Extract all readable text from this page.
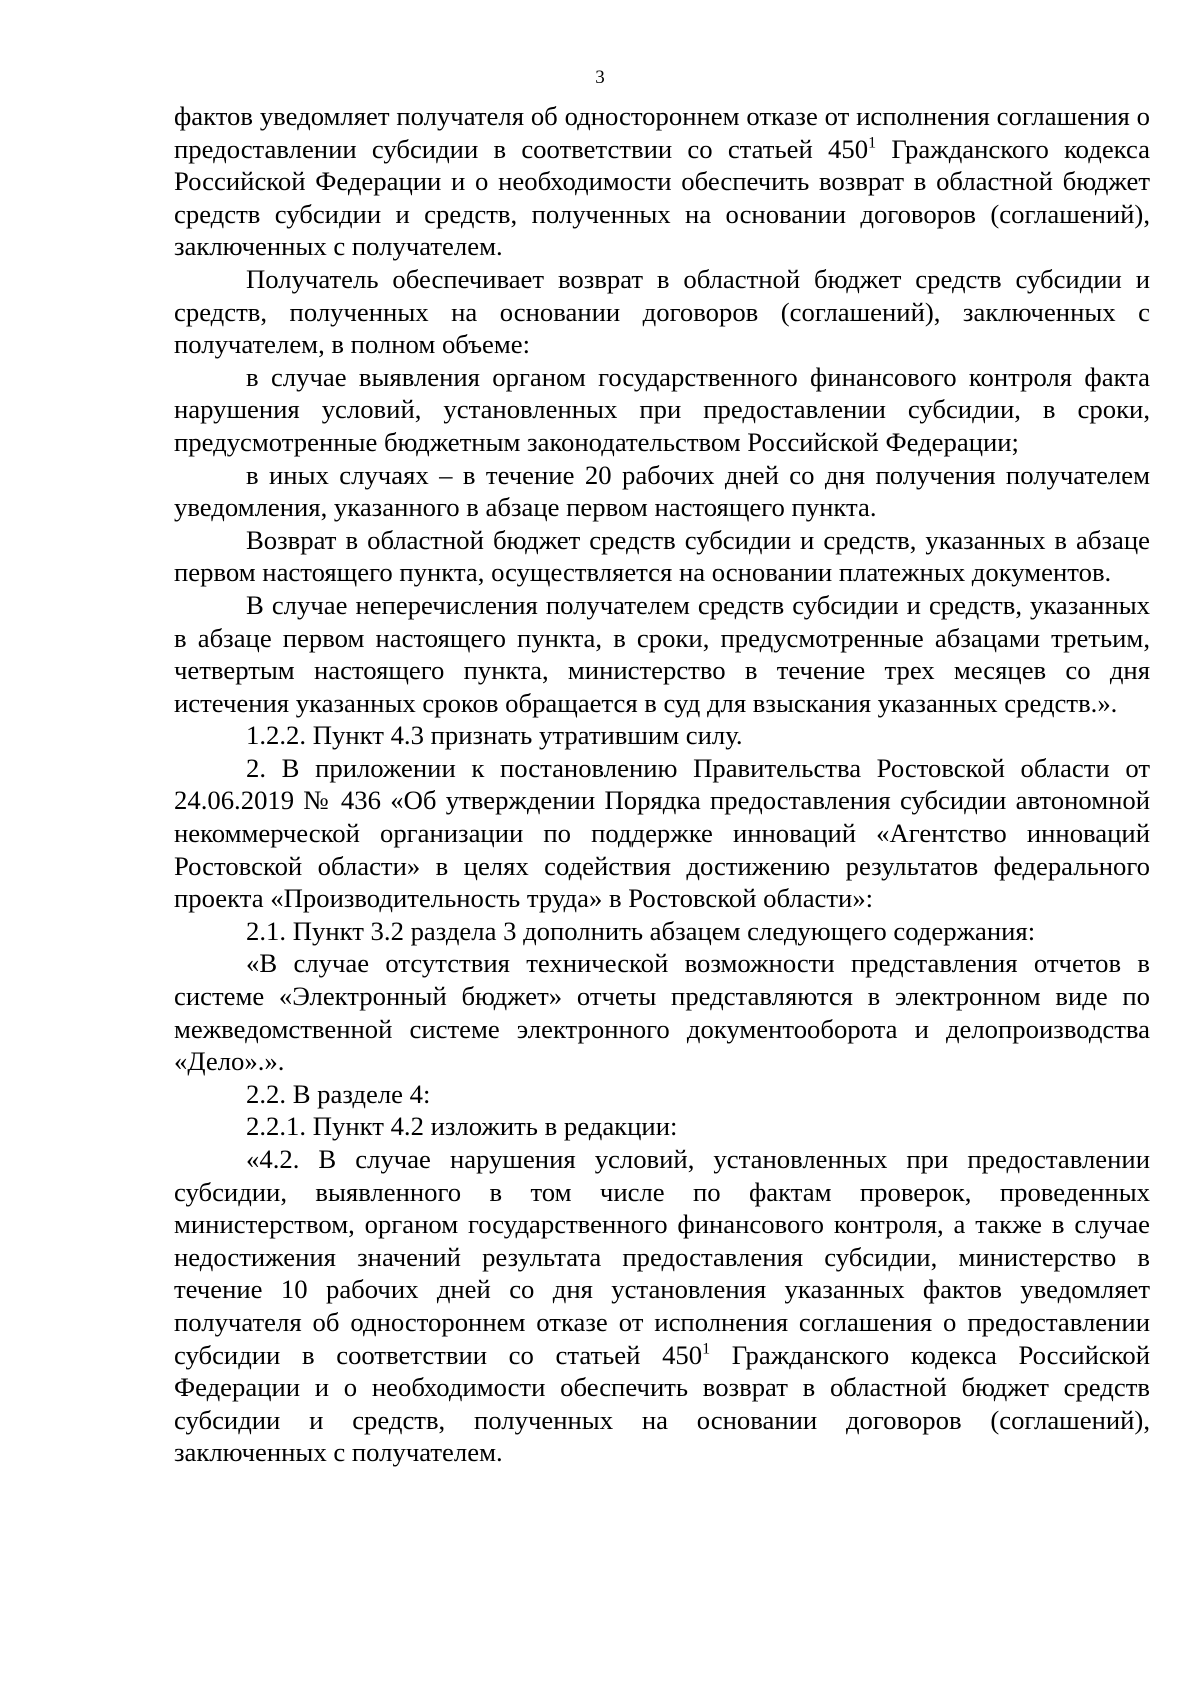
3

фактов уведомляет получателя об одностороннем отказе от исполнения соглашения о предоставлении субсидии в соответствии со статьей $450^1$ Гражданского кодекса Российской Федерации и о необходимости обеспечить возврат в областной бюджет средств субсидии и средств, полученных на основании договоров (соглашений), заключенных с получателем.

Получатель обеспечивает возврат в областной бюджет средств субсидии и средств, полученных на основании договоров (соглашений), заключенных с получателем, в полном объеме:

в случае выявления органом государственного финансового контроля факта нарушения условий, установленных при предоставлении субсидии, в сроки, предусмотренные бюджетным законодательством Российской Федерации;

в иных случаях – в течение 20 рабочих дней со дня получения получателем уведомления, указанного в абзаце первом настоящего пункта.

Возврат в областной бюджет средств субсидии и средств, указанных в абзаце первом настоящего пункта, осуществляется на основании платежных документов.

В случае неперечисления получателем средств субсидии и средств, указанных в абзаце первом настоящего пункта, в сроки, предусмотренные абзацами третьим, четвертым настоящего пункта, министерство в течение трех месяцев со дня истечения указанных сроков обращается в суд для взыскания указанных средств.».

1.2.2. Пункт 4.3 признать утратившим силу.

2. В приложении к постановлению Правительства Ростовской области от 24.06.2019 № 436 «Об утверждении Порядка предоставления субсидии автономной некоммерческой организации по поддержке инноваций «Агентство инноваций Ростовской области» в целях содействия достижению результатов федерального проекта «Производительность труда» в Ростовской области»:

2.1. Пункт 3.2 раздела 3 дополнить абзацем следующего содержания:

«В случае отсутствия технической возможности представления отчетов в системе «Электронный бюджет» отчеты представляются в электронном виде по межведомственной системе электронного документооборота и делопроизводства «Дело».».

2.2. В разделе 4:

2.2.1. Пункт 4.2 изложить в редакции:

«4.2. В случае нарушения условий, установленных при предоставлении субсидии, выявленного в том числе по фактам проверок, проведенных министерством, органом государственного финансового контроля, а также в случае недостижения значений результата предоставления субсидии, министерство в течение 10 рабочих дней со дня установления указанных фактов уведомляет получателя об одностороннем отказе от исполнения соглашения о предоставлении субсидии в соответствии со статьей $450^1$ Гражданского кодекса Российской Федерации и о необходимости обеспечить возврат в областной бюджет средств субсидии и средств, полученных на основании договоров (соглашений), заключенных с получателем.
